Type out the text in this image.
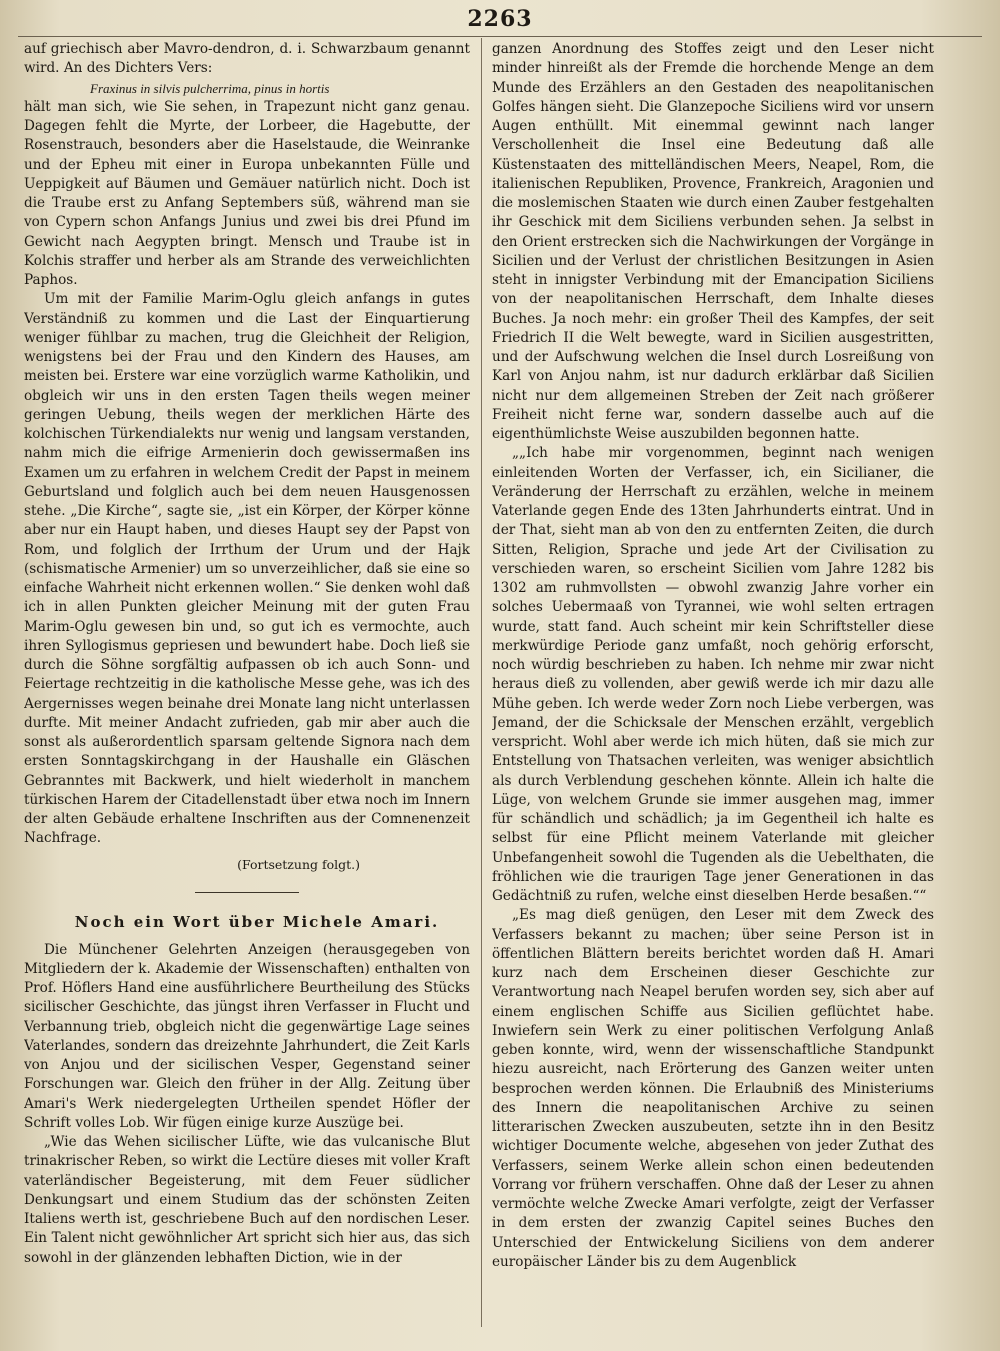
2263

auf griechisch aber Mavro-dendron, d. i. Schwarzbaum genannt wird. An des Dichters Vers:

Fraxinus in silvis pulcherrima, pinus in hortis

hält man sich, wie Sie sehen, in Trapezunt nicht ganz genau. Dagegen fehlt die Myrte, der Lorbeer, die Hagebutte, der Rosenstrauch, besonders aber die Haselstaude, die Weinranke und der Epheu mit einer in Europa unbekannten Fülle und Ueppigkeit auf Bäumen und Gemäuer natürlich nicht. Doch ist die Traube erst zu Anfang Septembers süß, während man sie von Cypern schon Anfangs Junius und zwei bis drei Pfund im Gewicht nach Aegypten bringt. Mensch und Traube ist in Kolchis straffer und herber als am Strande des verweichlichten Paphos.

Um mit der Familie Marim-Oglu gleich anfangs in gutes Verständniß zu kommen und die Last der Einquartierung weniger fühlbar zu machen, trug die Gleichheit der Religion, wenigstens bei der Frau und den Kindern des Hauses, am meisten bei. Erstere war eine vorzüglich warme Katholikin, und obgleich wir uns in den ersten Tagen theils wegen meiner geringen Uebung, theils wegen der merklichen Härte des kolchischen Türkendialekts nur wenig und langsam verstanden, nahm mich die eifrige Armenierin doch gewissermaßen ins Examen um zu erfahren in welchem Credit der Papst in meinem Geburtsland und folglich auch bei dem neuen Hausgenossen stehe. „Die Kirche“, sagte sie, „ist ein Körper, der Körper könne aber nur ein Haupt haben, und dieses Haupt sey der Papst von Rom, und folglich der Irrthum der Urum und der Hajk (schismatische Armenier) um so unverzeihlicher, daß sie eine so einfache Wahrheit nicht erkennen wollen.“ Sie denken wohl daß ich in allen Punkten gleicher Meinung mit der guten Frau Marim-Oglu gewesen bin und, so gut ich es vermochte, auch ihren Syllogismus gepriesen und bewundert habe. Doch ließ sie durch die Söhne sorgfältig aufpassen ob ich auch Sonn- und Feiertage rechtzeitig in die katholische Messe gehe, was ich des Aergernisses wegen beinahe drei Monate lang nicht unterlassen durfte. Mit meiner Andacht zufrieden, gab mir aber auch die sonst als außerordentlich sparsam geltende Signora nach dem ersten Sonntagskirchgang in der Haushalle ein Gläschen Gebranntes mit Backwerk, und hielt wiederholt in manchem türkischen Harem der Citadellenstadt über etwa noch im Innern der alten Gebäude erhaltene Inschriften aus der Comnenenzeit Nachfrage.

(Fortsetzung folgt.)

Noch ein Wort über Michele Amari.

Die Münchener Gelehrten Anzeigen (herausgegeben von Mitgliedern der k. Akademie der Wissenschaften) enthalten von Prof. Höflers Hand eine ausführlichere Beurtheilung des Stücks sicilischer Geschichte, das jüngst ihren Verfasser in Flucht und Verbannung trieb, obgleich nicht die gegenwärtige Lage seines Vaterlandes, sondern das dreizehnte Jahrhundert, die Zeit Karls von Anjou und der sicilischen Vesper, Gegenstand seiner Forschungen war. Gleich den früher in der Allg. Zeitung über Amari's Werk niedergelegten Urtheilen spendet Höfler der Schrift volles Lob. Wir fügen einige kurze Auszüge bei.

„Wie das Wehen sicilischer Lüfte, wie das vulcanische Blut trinakrischer Reben, so wirkt die Lectüre dieses mit voller Kraft vaterländischer Begeisterung, mit dem Feuer südlicher Denkungsart und einem Studium das der schönsten Zeiten Italiens werth ist, geschriebene Buch auf den nordischen Leser. Ein Talent nicht gewöhnlicher Art spricht sich hier aus, das sich sowohl in der glänzenden lebhaften Diction, wie in der

ganzen Anordnung des Stoffes zeigt und den Leser nicht minder hinreißt als der Fremde die horchende Menge an dem Munde des Erzählers an den Gestaden des neapolitanischen Golfes hängen sieht. Die Glanzepoche Siciliens wird vor unsern Augen enthüllt. Mit einemmal gewinnt nach langer Verschollenheit die Insel eine Bedeutung daß alle Küstenstaaten des mittelländischen Meers, Neapel, Rom, die italienischen Republiken, Provence, Frankreich, Aragonien und die moslemischen Staaten wie durch einen Zauber festgehalten ihr Geschick mit dem Siciliens verbunden sehen. Ja selbst in den Orient erstrecken sich die Nachwirkungen der Vorgänge in Sicilien und der Verlust der christlichen Besitzungen in Asien steht in innigster Verbindung mit der Emancipation Siciliens von der neapolitanischen Herrschaft, dem Inhalte dieses Buches. Ja noch mehr: ein großer Theil des Kampfes, der seit Friedrich II die Welt bewegte, ward in Sicilien ausgestritten, und der Aufschwung welchen die Insel durch Losreißung von Karl von Anjou nahm, ist nur dadurch erklärbar daß Sicilien nicht nur dem allgemeinen Streben der Zeit nach größerer Freiheit nicht ferne war, sondern dasselbe auch auf die eigenthümlichste Weise auszubilden begonnen hatte.

„„Ich habe mir vorgenommen, beginnt nach wenigen einleitenden Worten der Verfasser, ich, ein Sicilianer, die Veränderung der Herrschaft zu erzählen, welche in meinem Vaterlande gegen Ende des 13ten Jahrhunderts eintrat. Und in der That, sieht man ab von den zu entfernten Zeiten, die durch Sitten, Religion, Sprache und jede Art der Civilisation zu verschieden waren, so erscheint Sicilien vom Jahre 1282 bis 1302 am ruhmvollsten — obwohl zwanzig Jahre vorher ein solches Uebermaaß von Tyrannei, wie wohl selten ertragen wurde, statt fand. Auch scheint mir kein Schriftsteller diese merkwürdige Periode ganz umfaßt, noch gehörig erforscht, noch würdig beschrieben zu haben. Ich nehme mir zwar nicht heraus dieß zu vollenden, aber gewiß werde ich mir dazu alle Mühe geben. Ich werde weder Zorn noch Liebe verbergen, was Jemand, der die Schicksale der Menschen erzählt, vergeblich verspricht. Wohl aber werde ich mich hüten, daß sie mich zur Entstellung von Thatsachen verleiten, was weniger absichtlich als durch Verblendung geschehen könnte. Allein ich halte die Lüge, von welchem Grunde sie immer ausgehen mag, immer für schändlich und schädlich; ja im Gegentheil ich halte es selbst für eine Pflicht meinem Vaterlande mit gleicher Unbefangenheit sowohl die Tugenden als die Uebelthaten, die fröhlichen wie die traurigen Tage jener Generationen in das Gedächtniß zu rufen, welche einst dieselben Herde besaßen.““

„Es mag dieß genügen, den Leser mit dem Zweck des Verfassers bekannt zu machen; über seine Person ist in öffentlichen Blättern bereits berichtet worden daß H. Amari kurz nach dem Erscheinen dieser Geschichte zur Verantwortung nach Neapel berufen worden sey, sich aber auf einem englischen Schiffe aus Sicilien geflüchtet habe. Inwiefern sein Werk zu einer politischen Verfolgung Anlaß geben konnte, wird, wenn der wissenschaftliche Standpunkt hiezu ausreicht, nach Erörterung des Ganzen weiter unten besprochen werden können. Die Erlaubniß des Ministeriums des Innern die neapolitanischen Archive zu seinen litterarischen Zwecken auszubeuten, setzte ihn in den Besitz wichtiger Documente welche, abgesehen von jeder Zuthat des Verfassers, seinem Werke allein schon einen bedeutenden Vorrang vor frühern verschaffen. Ohne daß der Leser zu ahnen vermöchte welche Zwecke Amari verfolgte, zeigt der Verfasser in dem ersten der zwanzig Capitel seines Buches den Unterschied der Entwickelung Siciliens von dem anderer europäischer Länder bis zu dem Augenblick
